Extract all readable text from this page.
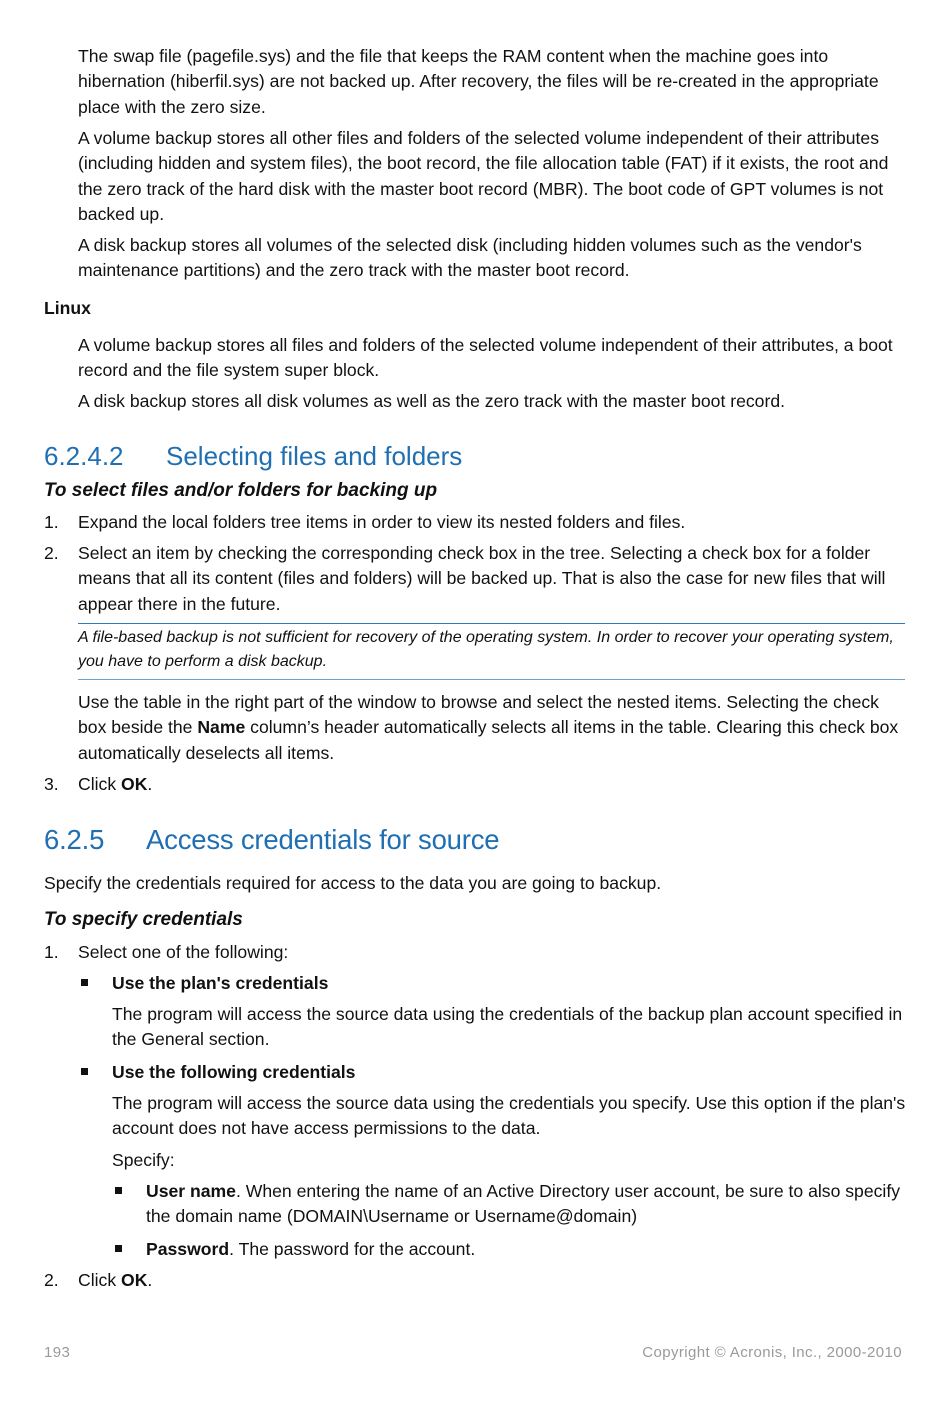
The swap file (pagefile.sys) and the file that keeps the RAM content when the machine goes into hibernation (hiberfil.sys) are not backed up. After recovery, the files will be re-created in the appropriate place with the zero size.

A volume backup stores all other files and folders of the selected volume independent of their attributes (including hidden and system files), the boot record, the file allocation table (FAT) if it exists, the root and the zero track of the hard disk with the master boot record (MBR). The boot code of GPT volumes is not backed up.

A disk backup stores all volumes of the selected disk (including hidden volumes such as the vendor's maintenance partitions) and the zero track with the master boot record.

Linux

A volume backup stores all files and folders of the selected volume independent of their attributes, a boot record and the file system super block.

A disk backup stores all disk volumes as well as the zero track with the master boot record.

6.2.4.2 Selecting files and folders
To select files and/or folders for backing up
1. Expand the local folders tree items in order to view its nested folders and files.

2. Select an item by checking the corresponding check box in the tree. Selecting a check box for a folder means that all its content (files and folders) will be backed up. That is also the case for new files that will appear there in the future.

A file-based backup is not sufficient for recovery of the operating system. In order to recover your operating system, you have to perform a disk backup.

Use the table in the right part of the window to browse and select the nested items. Selecting the check box beside the Name column’s header automatically selects all items in the table. Clearing this check box automatically deselects all items.

3. Click OK.

6.2.5 Access credentials for source

Specify the credentials required for access to the data you are going to backup.

To specify credentials
1. Select one of the following:

Use the plan's credentials

The program will access the source data using the credentials of the backup plan account specified in the General section.

Use the following credentials

The program will access the source data using the credentials you specify. Use this option if the plan's account does not have access permissions to the data.

Specify:

User name. When entering the name of an Active Directory user account, be sure to also specify the domain name (DOMAIN\Username or Username@domain)

Password. The password for the account.

2. Click OK.

193	Copyright © Acronis, Inc., 2000-2010
